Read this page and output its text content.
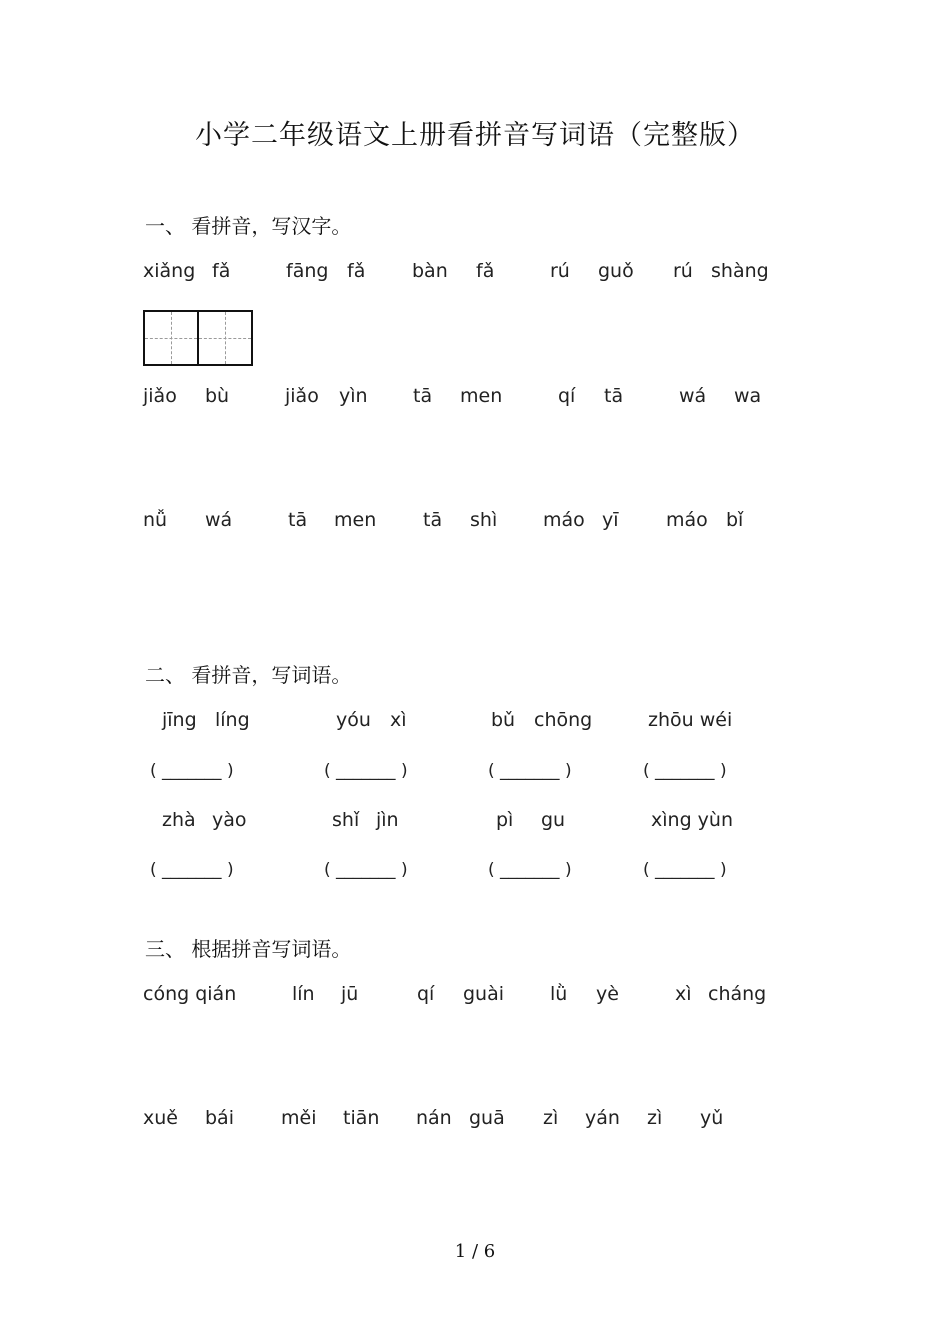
小学二年级语文上册看拼音写词语（完整版）
一、 看拼音，写汉字。
xiǎng fǎ	fāng fǎ bàn fǎ	rú guǒ rú shàng
jiǎo bù	jiǎo yìn tā men	qí tā	wá wa
nǚ wá	tā men tā shì máo yī máo bǐ
二、 看拼音，写词语。
jīng líng	yóu xì	bǔ chōng	zhōu wéi
( _______ )	( _______ )	( _______ )	( _______ )
zhà yào	shǐ jìn	pì gu	xìng yùn
( _______ )	( _______ )	( _______ )	( _______ )
三、 根据拼音写词语。
cóng qián	lín jū	qí guài lǜ yè	xì cháng
xuě bái měi tiān nán guā zì yán zì yǔ
1 / 6
